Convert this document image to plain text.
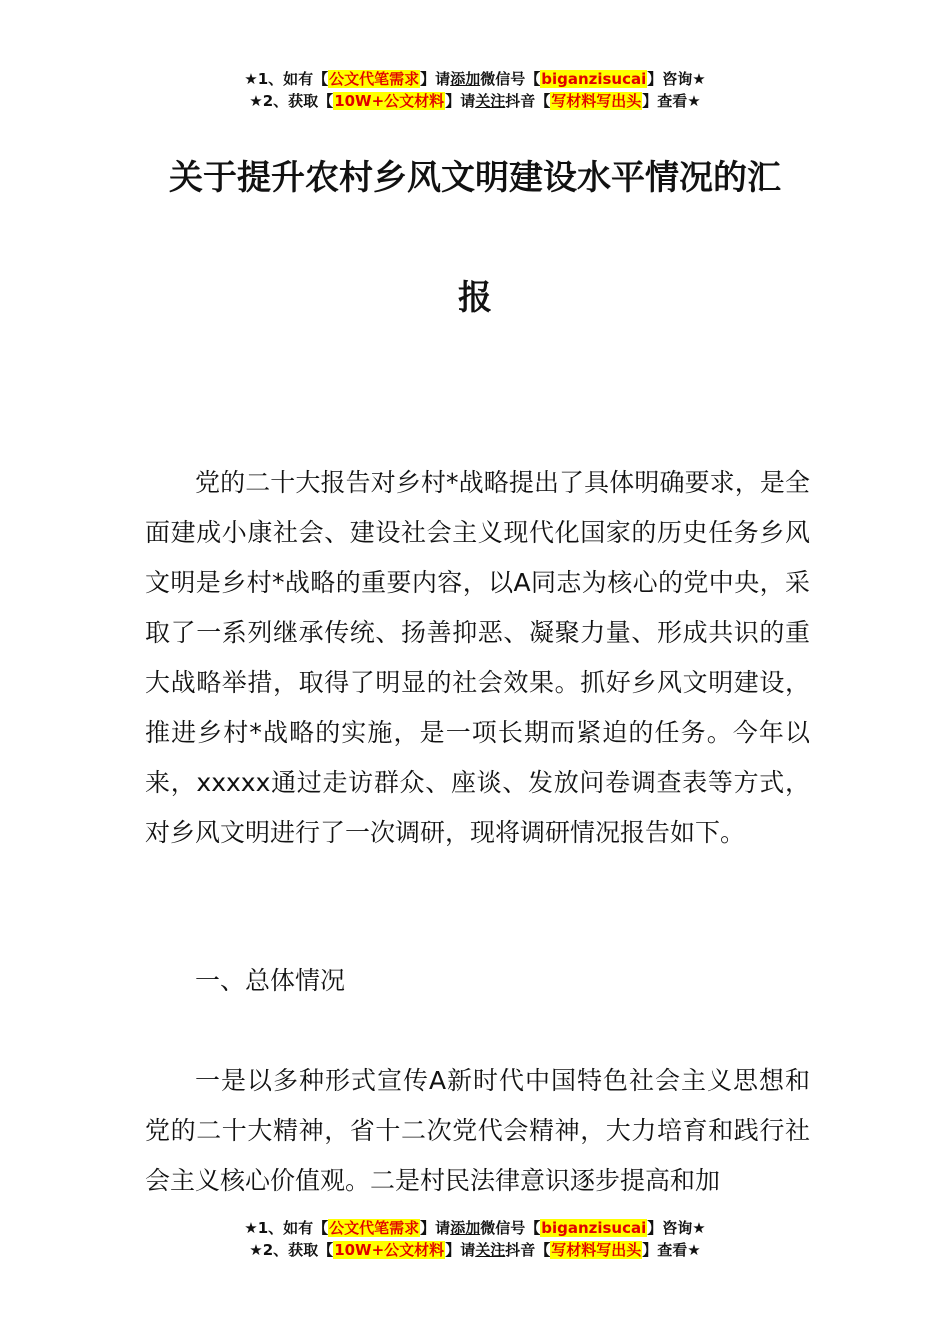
★1、如有【公文代笔需求】请添加微信号【biganzisucai】咨询★
★2、获取【10W+公文材料】请关注抖音【写材料写出头】查看★
关于提升农村乡风文明建设水平情况的汇
报
党的二十大报告对乡村*战略提出了具体明确要求，是全面建成小康社会、建设社会主义现代化国家的历史任务乡风文明是乡村*战略的重要内容，以A同志为核心的党中央，采取了一系列继承传统、扬善抑恶、凝聚力量、形成共识的重大战略举措，取得了明显的社会效果。抓好乡风文明建设，推进乡村*战略的实施，是一项长期而紧迫的任务。今年以来，xxxxx通过走访群众、座谈、发放问卷调查表等方式，对乡风文明进行了一次调研，现将调研情况报告如下。
一、总体情况
一是以多种形式宣传A新时代中国特色社会主义思想和党的二十大精神，省十二次党代会精神，大力培育和践行社会主义核心价值观。二是村民法律意识逐步提高和加
★1、如有【公文代笔需求】请添加微信号【biganzisucai】咨询★
★2、获取【10W+公文材料】请关注抖音【写材料写出头】查看★
